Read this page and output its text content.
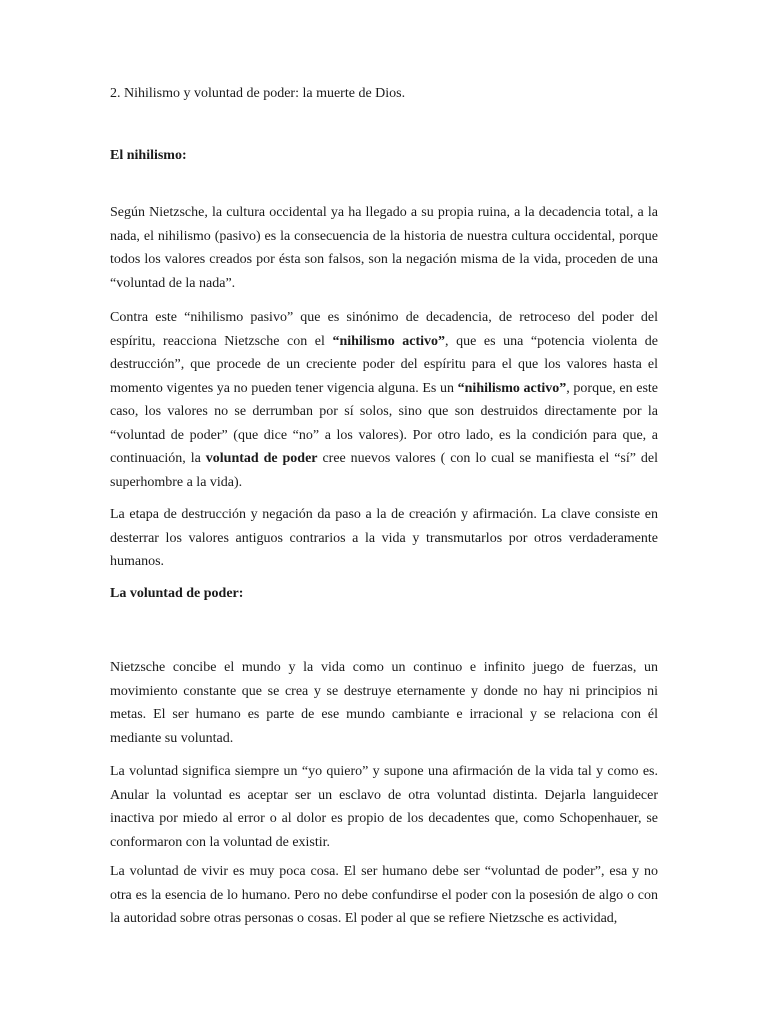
2. Nihilismo y voluntad de poder: la muerte de Dios.
El nihilismo:
Según Nietzsche, la cultura occidental ya ha llegado a su propia ruina, a la decadencia total, a la nada, el nihilismo (pasivo) es la consecuencia de la historia de nuestra cultura occidental, porque todos los valores creados por ésta son falsos, son la negación misma de la vida, proceden de una “voluntad de la nada”.
Contra este “nihilismo pasivo” que es sinónimo de decadencia, de retroceso del poder del espíritu, reacciona Nietzsche con el “nihilismo activo”, que es una “potencia violenta de destrucción”, que procede de un creciente poder del espíritu para el que los valores hasta el momento vigentes ya no pueden tener vigencia alguna. Es un “nihilismo activo”, porque, en este caso, los valores no se derrumban por sí solos, sino que son destruidos directamente por la “voluntad de poder” (que dice “no” a los valores). Por otro lado, es la condición para que, a continuación, la voluntad de poder cree nuevos valores ( con lo cual se manifiesta el “sí” del superhombre a la vida).
La etapa de destrucción y negación da paso a la de creación y afirmación. La clave consiste en desterrar los valores antiguos contrarios a la vida y transmutarlos por otros verdaderamente humanos.
La voluntad de poder:
Nietzsche concibe el mundo y la vida como un continuo e infinito juego de fuerzas, un movimiento constante que se crea y se destruye eternamente y donde no hay ni principios ni metas. El ser humano es parte de ese mundo cambiante e irracional y se relaciona con él mediante su voluntad.
La voluntad significa siempre un “yo quiero” y supone una afirmación de la vida tal y como es. Anular la voluntad es aceptar ser un esclavo de otra voluntad distinta. Dejarla languidecer inactiva por miedo al error o al dolor es propio de los decadentes que, como Schopenhauer, se conformaron con la voluntad de existir.
La voluntad de vivir es muy poca cosa. El ser humano debe ser “voluntad de poder”, esa y no otra es la esencia de lo humano. Pero no debe confundirse el poder con la posesión de algo o con la autoridad sobre otras personas o cosas. El poder al que se refiere Nietzsche es actividad,
